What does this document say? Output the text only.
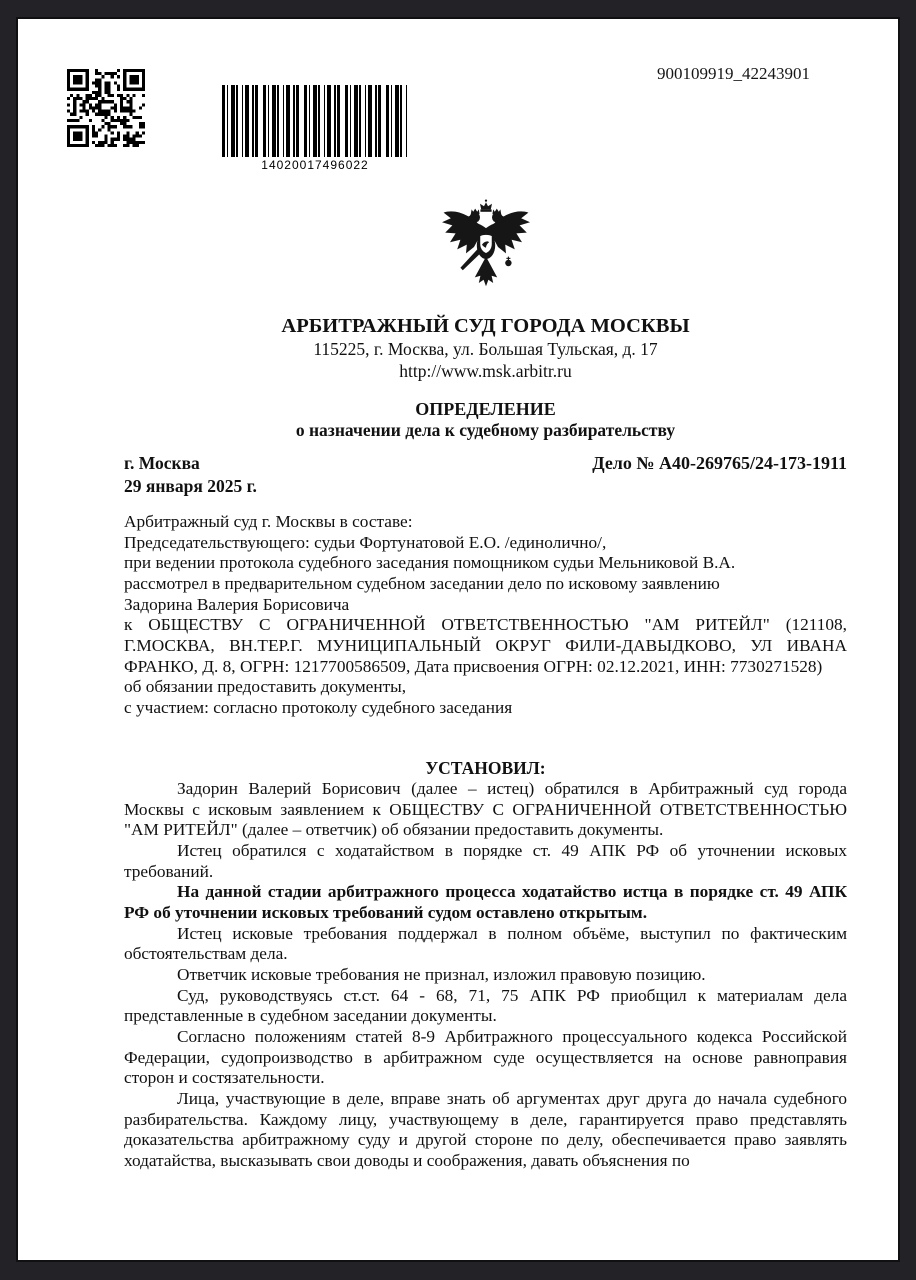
14020017496022
900109919_42243901
АРБИТРАЖНЫЙ СУД ГОРОДА МОСКВЫ
115225, г. Москва, ул. Большая Тульская, д. 17
http://www.msk.arbitr.ru
ОПРЕДЕЛЕНИЕ
о назначении дела к судебному разбирательству
г. Москва
29 января 2025 г.
Дело № А40-269765/24-173-1911

Арбитражный суд г. Москвы в составе:

Председательствующего: судьи Фортунатовой Е.О. /единолично/,

при ведении протокола судебного заседания помощником судьи Мельниковой В.А.

рассмотрел в предварительном судебном заседании дело по исковому заявлению

Задорина Валерия Борисовича

к ОБЩЕСТВУ С ОГРАНИЧЕННОЙ ОТВЕТСТВЕННОСТЬЮ "АМ РИТЕЙЛ" (121108, Г.МОСКВА, ВН.ТЕР.Г. МУНИЦИПАЛЬНЫЙ ОКРУГ ФИЛИ-ДАВЫДКОВО, УЛ ИВАНА ФРАНКО, Д. 8, ОГРН: 1217700586509, Дата присвоения ОГРН: 02.12.2021, ИНН: 7730271528)

об обязании предоставить документы,

с участием: согласно протоколу судебного заседания

УСТАНОВИЛ:

Задорин Валерий Борисович (далее – истец) обратился в Арбитражный суд города Москвы с исковым заявлением к ОБЩЕСТВУ С ОГРАНИЧЕННОЙ ОТВЕТСТВЕННОСТЬЮ "АМ РИТЕЙЛ" (далее – ответчик) об обязании предоставить документы.

Истец обратился с ходатайством в порядке ст. 49 АПК РФ об уточнении исковых требований.

На данной стадии арбитражного процесса ходатайство истца в порядке ст. 49 АПК РФ об уточнении исковых требований судом оставлено открытым.

Истец исковые требования поддержал в полном объёме, выступил по фактическим обстоятельствам дела.

Ответчик исковые требования не признал, изложил правовую позицию.

Суд, руководствуясь ст.ст. 64 - 68, 71, 75 АПК РФ приобщил к материалам дела представленные в судебном заседании документы.

Согласно положениям статей 8-9 Арбитражного процессуального кодекса Российской Федерации, судопроизводство в арбитражном суде осуществляется на основе равноправия сторон и состязательности.

Лица, участвующие в деле, вправе знать об аргументах друг друга до начала судебного разбирательства. Каждому лицу, участвующему в деле, гарантируется право представлять доказательства арбитражному суду и другой стороне по делу, обеспечивается право заявлять ходатайства, высказывать свои доводы и соображения, давать объяснения по
